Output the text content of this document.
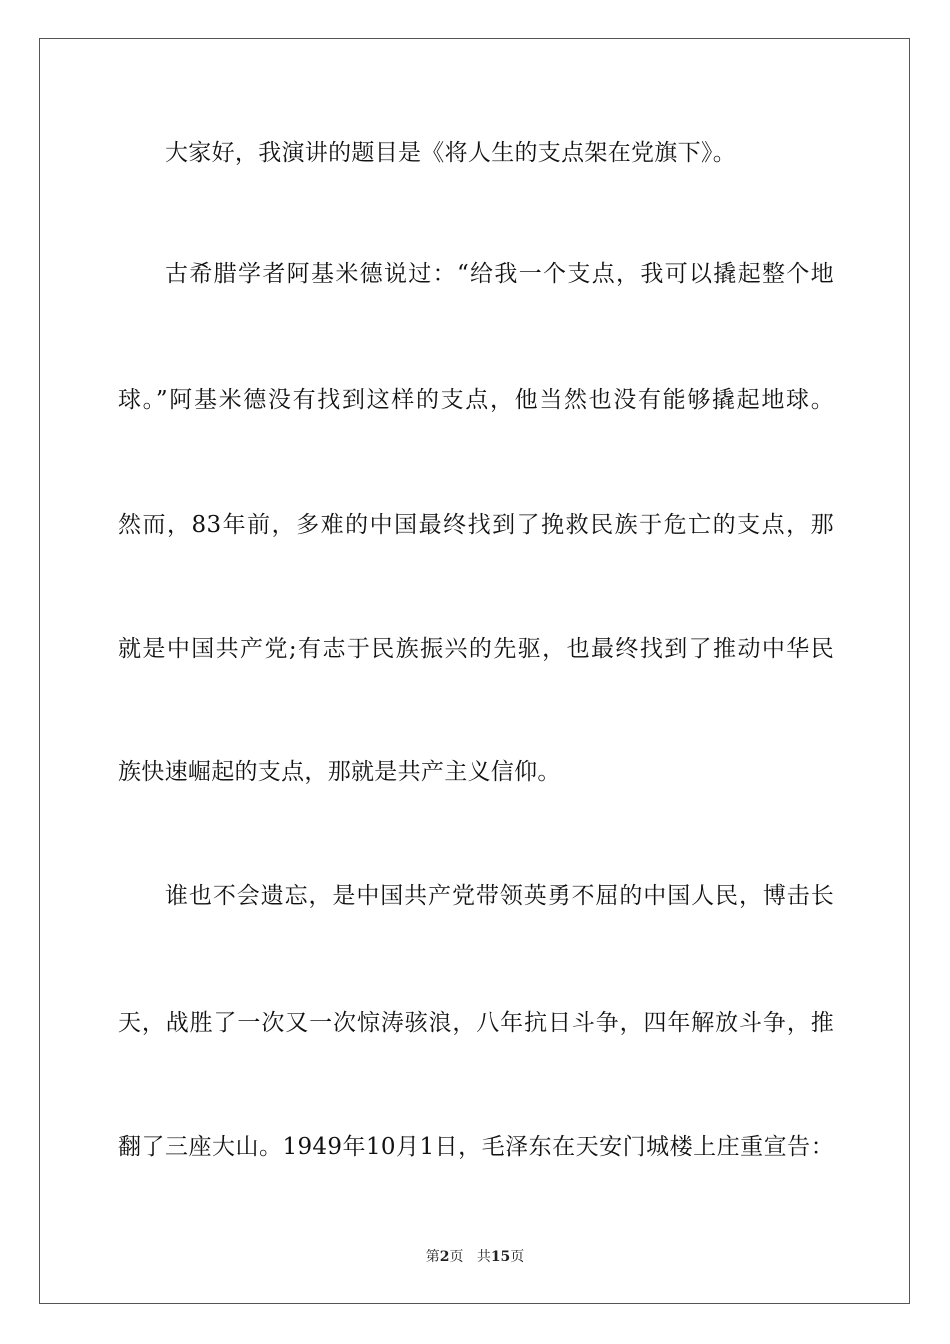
大家好，我演讲的题目是《将人生的支点架在党旗下》。
古希腊学者阿基米德说过：“给我一个支点，我可以撬起整个地
球。”阿基米德没有找到这样的支点，他当然也没有能够撬起地球。
然而，83年前，多难的中国最终找到了挽救民族于危亡的支点，那
就是中国共产党;有志于民族振兴的先驱，也最终找到了推动中华民
族快速崛起的支点，那就是共产主义信仰。
谁也不会遗忘，是中国共产党带领英勇不屈的中国人民，博击长
天，战胜了一次又一次惊涛骇浪，八年抗日斗争，四年解放斗争，推
翻了三座大山。1949年10月1日，毛泽东在天安门城楼上庄重宣告：
第2页 共15页
